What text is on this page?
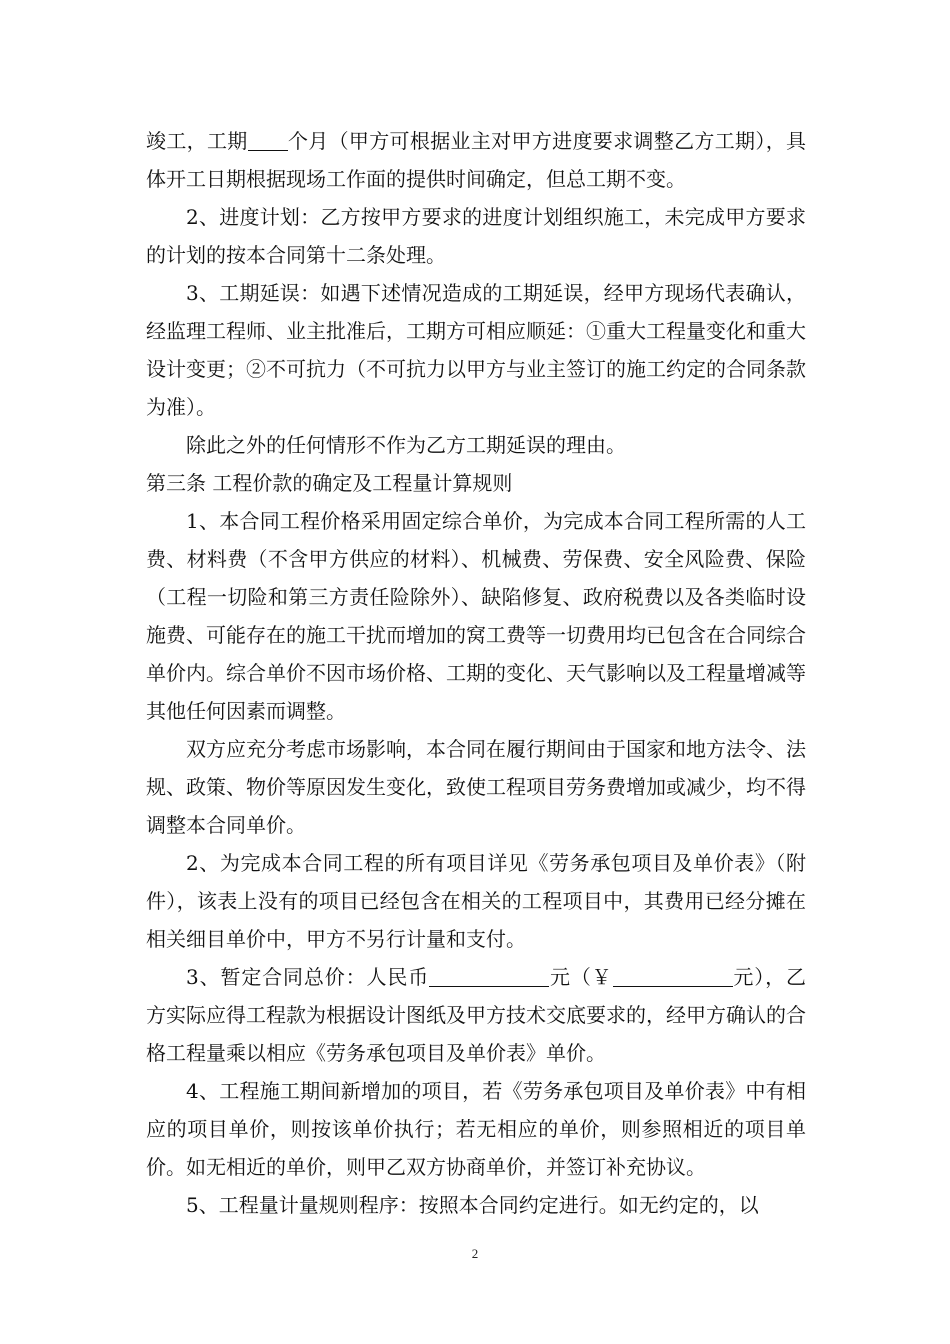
竣工，工期 个月（甲方可根据业主对甲方进度要求调整乙方工期），具体开工日期根据现场工作面的提供时间确定，但总工期不变。

2、进度计划：乙方按甲方要求的进度计划组织施工，未完成甲方要求的计划的按本合同第十二条处理。

3、工期延误：如遇下述情况造成的工期延误，经甲方现场代表确认，经监理工程师、业主批准后，工期方可相应顺延：①重大工程量变化和重大设计变更；②不可抗力（不可抗力以甲方与业主签订的施工约定的合同条款为准）。

除此之外的任何情形不作为乙方工期延误的理由。

第三条 工程价款的确定及工程量计算规则

1、本合同工程价格采用固定综合单价，为完成本合同工程所需的人工费、材料费（不含甲方供应的材料）、机械费、劳保费、安全风险费、保险（工程一切险和第三方责任险除外）、缺陷修复、政府税费以及各类临时设施费、可能存在的施工干扰而增加的窝工费等一切费用均已包含在合同综合单价内。综合单价不因市场价格、工期的变化、天气影响以及工程量增减等其他任何因素而调整。

双方应充分考虑市场影响，本合同在履行期间由于国家和地方法令、法规、政策、物价等原因发生变化，致使工程项目劳务费增加或减少，均不得调整本合同单价。

2、为完成本合同工程的所有项目详见《劳务承包项目及单价表》（附件），该表上没有的项目已经包含在相关的工程项目中，其费用已经分摊在相关细目单价中，甲方不另行计量和支付。

3、暂定合同总价：人民币	元（￥	元），乙方实际应得工程款为根据设计图纸及甲方技术交底要求的，经甲方确认的合格工程量乘以相应《劳务承包项目及单价表》单价。

4、工程施工期间新增加的项目，若《劳务承包项目及单价表》中有相应的项目单价，则按该单价执行；若无相应的单价，则参照相近的项目单价。如无相近的单价，则甲乙双方协商单价，并签订补充协议。

5、工程量计量规则程序：按照本合同约定进行。如无约定的，以

2
